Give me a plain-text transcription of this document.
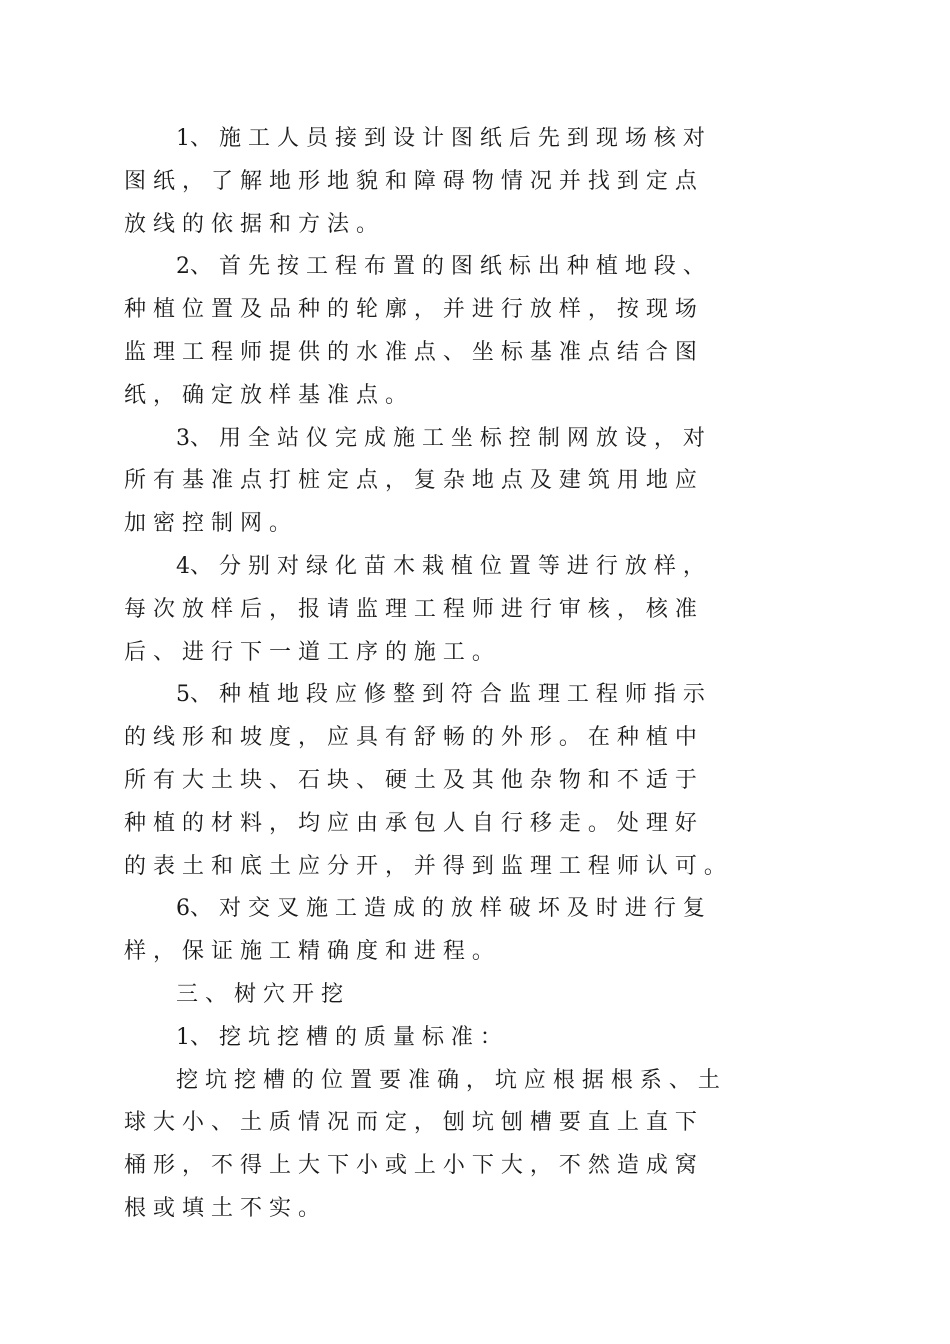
1、 施 工 人 员 接 到 设 计 图 纸 后 先 到 现 场 核 对
图 纸 ， 了 解 地 形 地 貌 和 障 碍 物 情 况 并 找 到 定 点
放 线 的 依 据 和 方 法 。
2、 首 先 按 工 程 布 置 的 图 纸 标 出 种 植 地 段 、
种 植 位 置 及 品 种 的 轮 廓 ， 并 进 行 放 样 ， 按 现 场
监 理 工 程 师 提 供 的 水 准 点 、 坐 标 基 准 点 结 合 图
纸 ， 确 定 放 样 基 准 点 。
3、 用 全 站 仪 完 成 施 工 坐 标 控 制 网 放 设 ， 对
所 有 基 准 点 打 桩 定 点 ， 复 杂 地 点 及 建 筑 用 地 应
加 密 控 制 网 。
4、 分 别 对 绿 化 苗 木 栽 植 位 置 等 进 行 放 样 ，
每 次 放 样 后 ， 报 请 监 理 工 程 师 进 行 审 核 ， 核 准
后 、 进 行 下 一 道 工 序 的 施 工 。
5、 种 植 地 段 应 修 整 到 符 合 监 理 工 程 师 指 示
的 线 形 和 坡 度 ， 应 具 有 舒 畅 的 外 形 。 在 种 植 中
所 有 大 土 块 、 石 块 、 硬 土 及 其 他 杂 物 和 不 适 于
种 植 的 材 料 ， 均 应 由 承 包 人 自 行 移 走 。 处 理 好
的 表 土 和 底 土 应 分 开 ， 并 得 到 监 理 工 程 师 认 可 。
6、 对 交 叉 施 工 造 成 的 放 样 破 坏 及 时 进 行 复
样 ， 保 证 施 工 精 确 度 和 进 程 。
三 、 树 穴 开 挖
1、 挖 坑 挖 槽 的 质 量 标 准 ：
挖 坑 挖 槽 的 位 置 要 准 确 ， 坑 应 根 据 根 系 、 土
球 大 小 、 土 质 情 况 而 定 ， 刨 坑 刨 槽 要 直 上 直 下
桶 形 ， 不 得 上 大 下 小 或 上 小 下 大 ， 不 然 造 成 窝
根 或 填 土 不 实 。
